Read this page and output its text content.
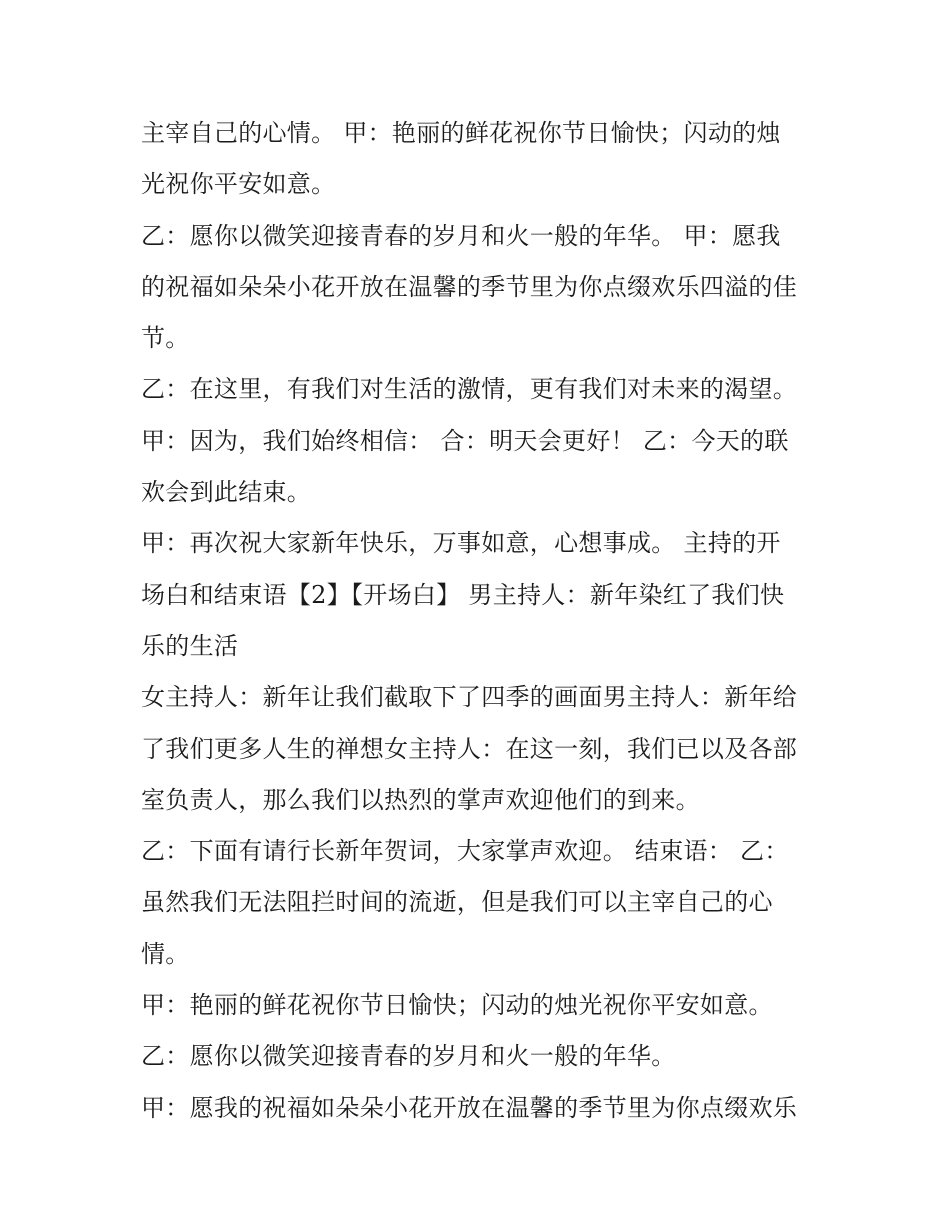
主宰自己的心情。 甲：艳丽的鲜花祝你节日愉快；闪动的烛
光祝你平安如意。
乙：愿你以微笑迎接青春的岁月和火一般的年华。 甲：愿我
的祝福如朵朵小花开放在温馨的季节里为你点缀欢乐四溢的佳
节。
乙：在这里，有我们对生活的激情，更有我们对未来的渴望。
甲：因为，我们始终相信： 合：明天会更好！ 乙：今天的联
欢会到此结束。
甲：再次祝大家新年快乐，万事如意，心想事成。 主持的开
场白和结束语【2】【开场白】 男主持人：新年染红了我们快
乐的生活
女主持人：新年让我们截取下了四季的画面男主持人：新年给
了我们更多人生的禅想女主持人：在这一刻，我们已以及各部
室负责人，那么我们以热烈的掌声欢迎他们的到来。
乙：下面有请行长新年贺词，大家掌声欢迎。 结束语： 乙：
虽然我们无法阻拦时间的流逝，但是我们可以主宰自己的心
情。
甲：艳丽的鲜花祝你节日愉快；闪动的烛光祝你平安如意。
乙：愿你以微笑迎接青春的岁月和火一般的年华。
甲：愿我的祝福如朵朵小花开放在温馨的季节里为你点缀欢乐
